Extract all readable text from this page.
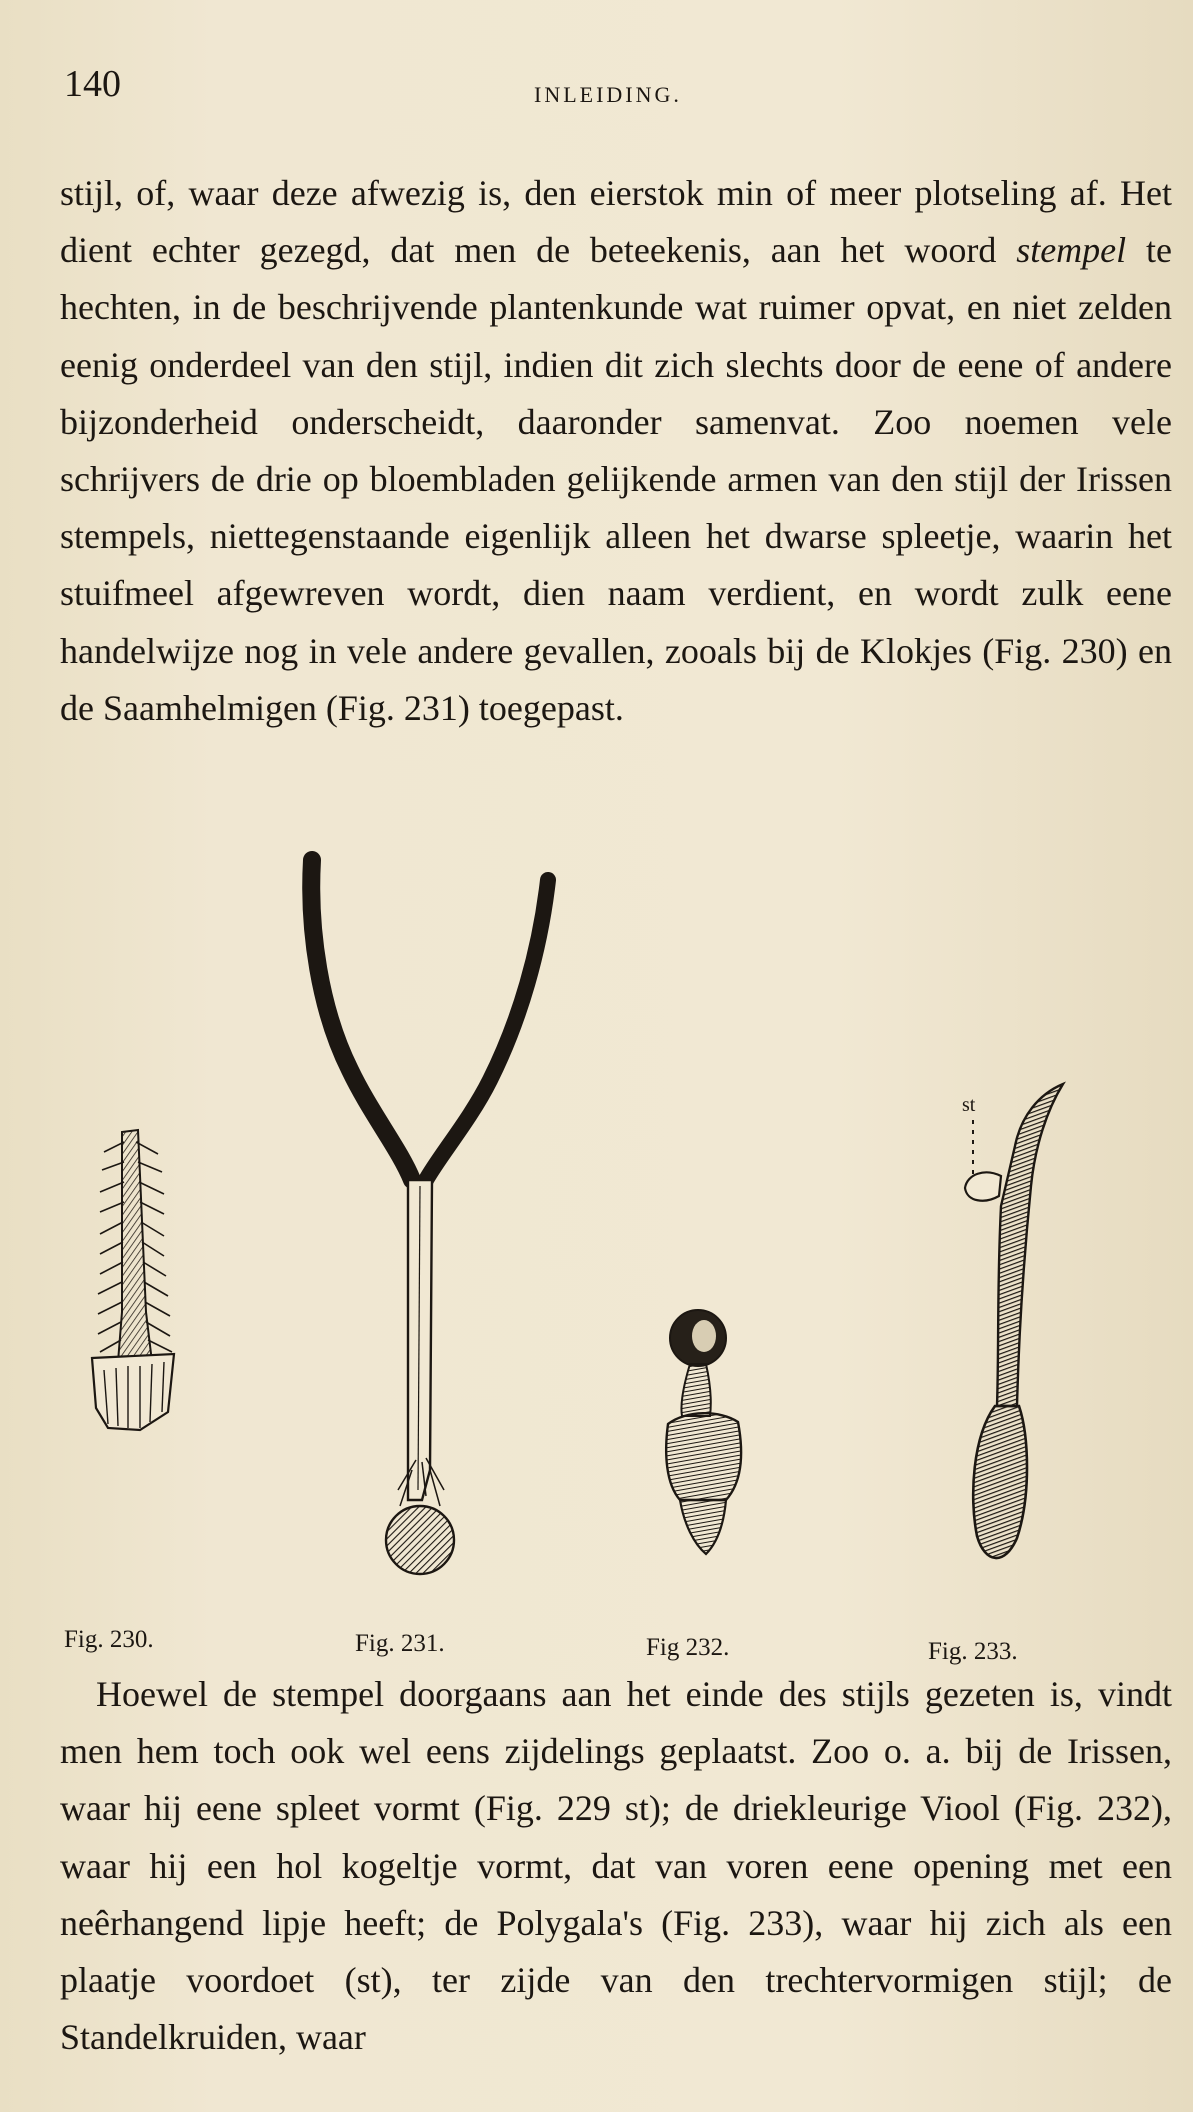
140	INLEIDING.

stijl, of, waar deze afwezig is, den eierstok min of meer plotseling af. Het dient echter gezegd, dat men de beteekenis, aan het woord stempel te hechten, in de beschrijvende plantenkunde wat ruimer opvat, en niet zelden eenig onderdeel van den stijl, indien dit zich slechts door de eene of andere bijzonderheid onderscheidt, daaronder samenvat. Zoo noemen vele schrijvers de drie op bloembladen gelijkende armen van den stijl der Irissen stempels, niettegenstaande eigenlijk alleen het dwarse spleetje, waarin het stuifmeel afgewreven wordt, dien naam verdient, en wordt zulk eene handelwijze nog in vele andere gevallen, zooals bij de Klokjes (Fig. 230) en de Saamhelmigen (Fig. 231) toegepast.

st
Fig. 230.	Fig. 231.	Fig 232.	Fig. 233.

Hoewel de stempel doorgaans aan het einde des stijls gezeten is, vindt men hem toch ook wel eens zijdelings geplaatst. Zoo o. a. bij de Irissen, waar hij eene spleet vormt (Fig. 229 st); de driekleurige Viool (Fig. 232), waar hij een hol kogeltje vormt, dat van voren eene opening met een neêrhangend lipje heeft; de Polygala's (Fig. 233), waar hij zich als een plaatje voordoet (st), ter zijde van den trechtervormigen stijl; de Standelkruiden, waar
